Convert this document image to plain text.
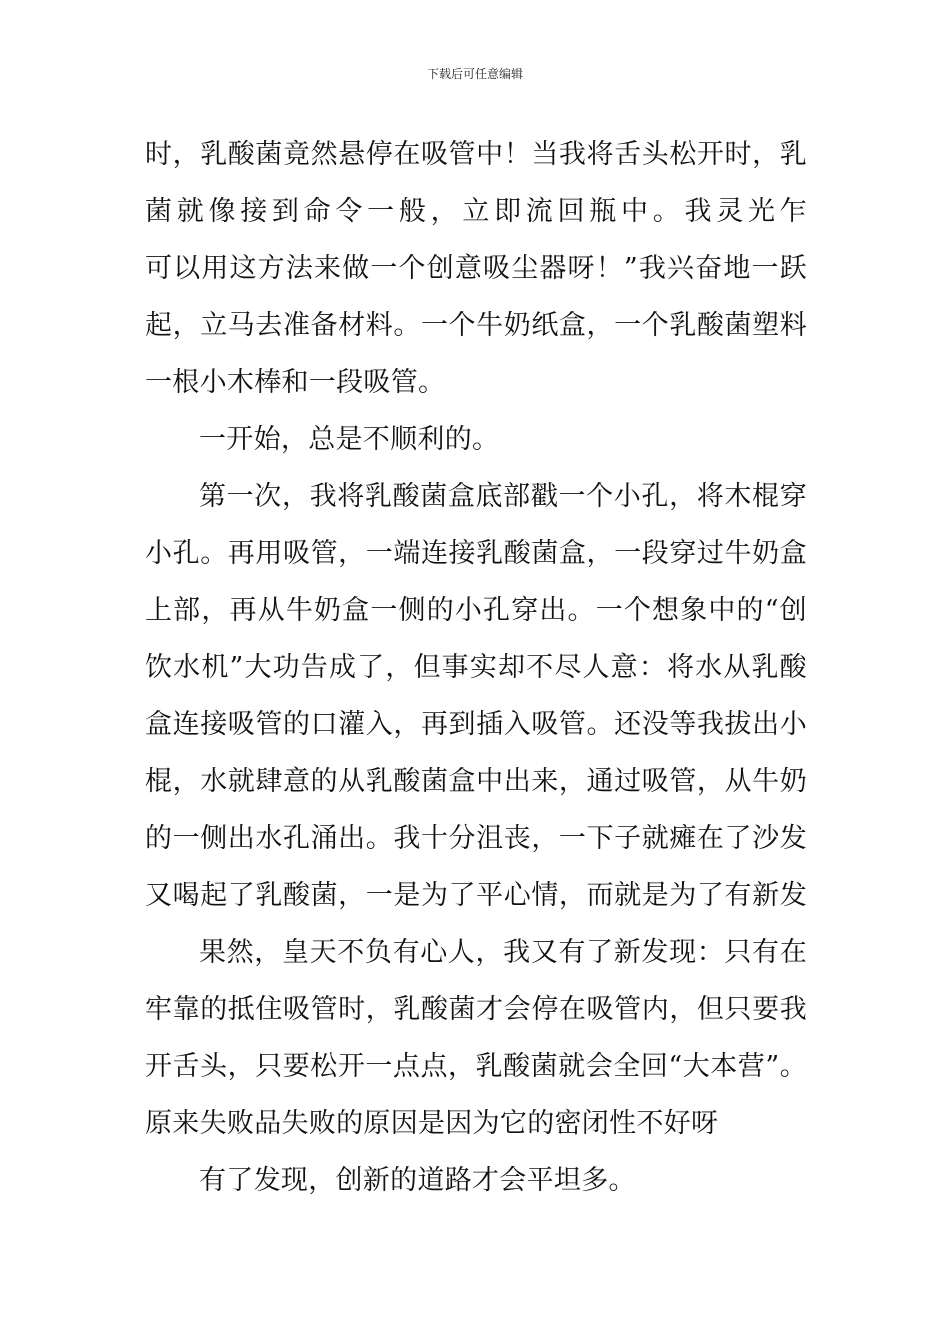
下载后可任意编辑
时，乳酸菌竟然悬停在吸管中！当我将舌头松开时，乳
菌就像接到命令一般，立即流回瓶中。我灵光乍
可以用这方法来做一个创意吸尘器呀！”我兴奋地一跃
起，立马去准备材料。一个牛奶纸盒，一个乳酸菌塑料
一根小木棒和一段吸管。
一开始，总是不顺利的。
第一次，我将乳酸菌盒底部戳一个小孔，将木棍穿
小孔。再用吸管，一端连接乳酸菌盒，一段穿过牛奶盒
上部，再从牛奶盒一侧的小孔穿出。一个想象中的“创
饮水机”大功告成了，但事实却不尽人意：将水从乳酸
盒连接吸管的口灌入，再到插入吸管。还没等我拔出小
棍，水就肆意的从乳酸菌盒中出来，通过吸管，从牛奶
的一侧出水孔涌出。我十分沮丧，一下子就瘫在了沙发
又喝起了乳酸菌，一是为了平心情，而就是为了有新发
果然，皇天不负有心人，我又有了新发现：只有在
牢靠的抵住吸管时，乳酸菌才会停在吸管内，但只要我
开舌头，只要松开一点点，乳酸菌就会全回“大本营”。
原来失败品失败的原因是因为它的密闭性不好呀
有了发现，创新的道路才会平坦多。
